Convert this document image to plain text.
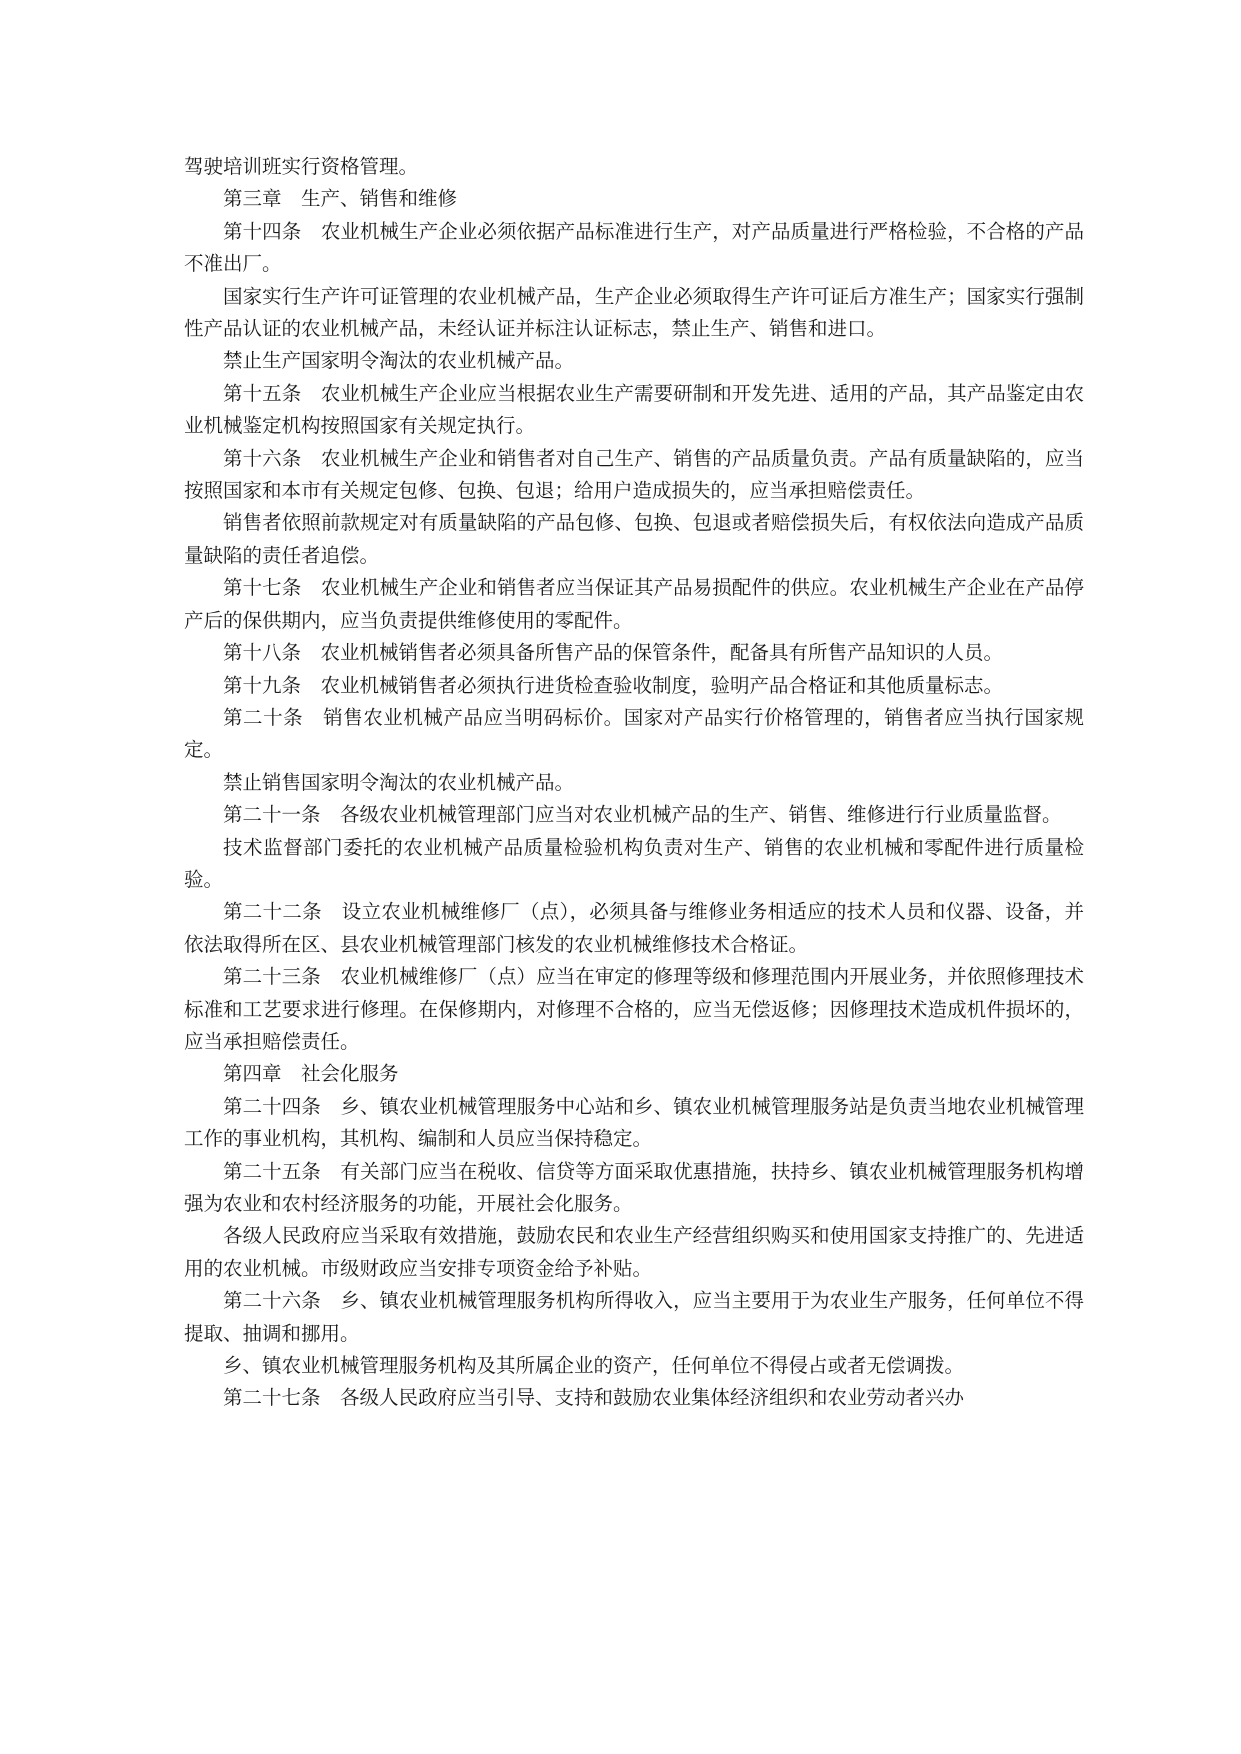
驾驶培训班实行资格管理。

第三章　生产、销售和维修

第十四条　农业机械生产企业必须依据产品标准进行生产，对产品质量进行严格检验，不合格的产品不准出厂。

国家实行生产许可证管理的农业机械产品，生产企业必须取得生产许可证后方准生产；国家实行强制性产品认证的农业机械产品，未经认证并标注认证标志，禁止生产、销售和进口。

禁止生产国家明令淘汰的农业机械产品。

第十五条　农业机械生产企业应当根据农业生产需要研制和开发先进、适用的产品，其产品鉴定由农业机械鉴定机构按照国家有关规定执行。

第十六条　农业机械生产企业和销售者对自己生产、销售的产品质量负责。产品有质量缺陷的，应当按照国家和本市有关规定包修、包换、包退；给用户造成损失的，应当承担赔偿责任。

销售者依照前款规定对有质量缺陷的产品包修、包换、包退或者赔偿损失后，有权依法向造成产品质量缺陷的责任者追偿。

第十七条　农业机械生产企业和销售者应当保证其产品易损配件的供应。农业机械生产企业在产品停产后的保供期内，应当负责提供维修使用的零配件。

第十八条　农业机械销售者必须具备所售产品的保管条件，配备具有所售产品知识的人员。

第十九条　农业机械销售者必须执行进货检查验收制度，验明产品合格证和其他质量标志。

第二十条　销售农业机械产品应当明码标价。国家对产品实行价格管理的，销售者应当执行国家规定。

禁止销售国家明令淘汰的农业机械产品。

第二十一条　各级农业机械管理部门应当对农业机械产品的生产、销售、维修进行行业质量监督。

技术监督部门委托的农业机械产品质量检验机构负责对生产、销售的农业机械和零配件进行质量检验。

第二十二条　设立农业机械维修厂（点），必须具备与维修业务相适应的技术人员和仪器、设备，并依法取得所在区、县农业机械管理部门核发的农业机械维修技术合格证。

第二十三条　农业机械维修厂（点）应当在审定的修理等级和修理范围内开展业务，并依照修理技术标准和工艺要求进行修理。在保修期内，对修理不合格的，应当无偿返修；因修理技术造成机件损坏的，应当承担赔偿责任。

第四章　社会化服务

第二十四条　乡、镇农业机械管理服务中心站和乡、镇农业机械管理服务站是负责当地农业机械管理工作的事业机构，其机构、编制和人员应当保持稳定。

第二十五条　有关部门应当在税收、信贷等方面采取优惠措施，扶持乡、镇农业机械管理服务机构增强为农业和农村经济服务的功能，开展社会化服务。

各级人民政府应当采取有效措施，鼓励农民和农业生产经营组织购买和使用国家支持推广的、先进适用的农业机械。市级财政应当安排专项资金给予补贴。

第二十六条　乡、镇农业机械管理服务机构所得收入，应当主要用于为农业生产服务，任何单位不得提取、抽调和挪用。

乡、镇农业机械管理服务机构及其所属企业的资产，任何单位不得侵占或者无偿调拨。

第二十七条　各级人民政府应当引导、支持和鼓励农业集体经济组织和农业劳动者兴办
